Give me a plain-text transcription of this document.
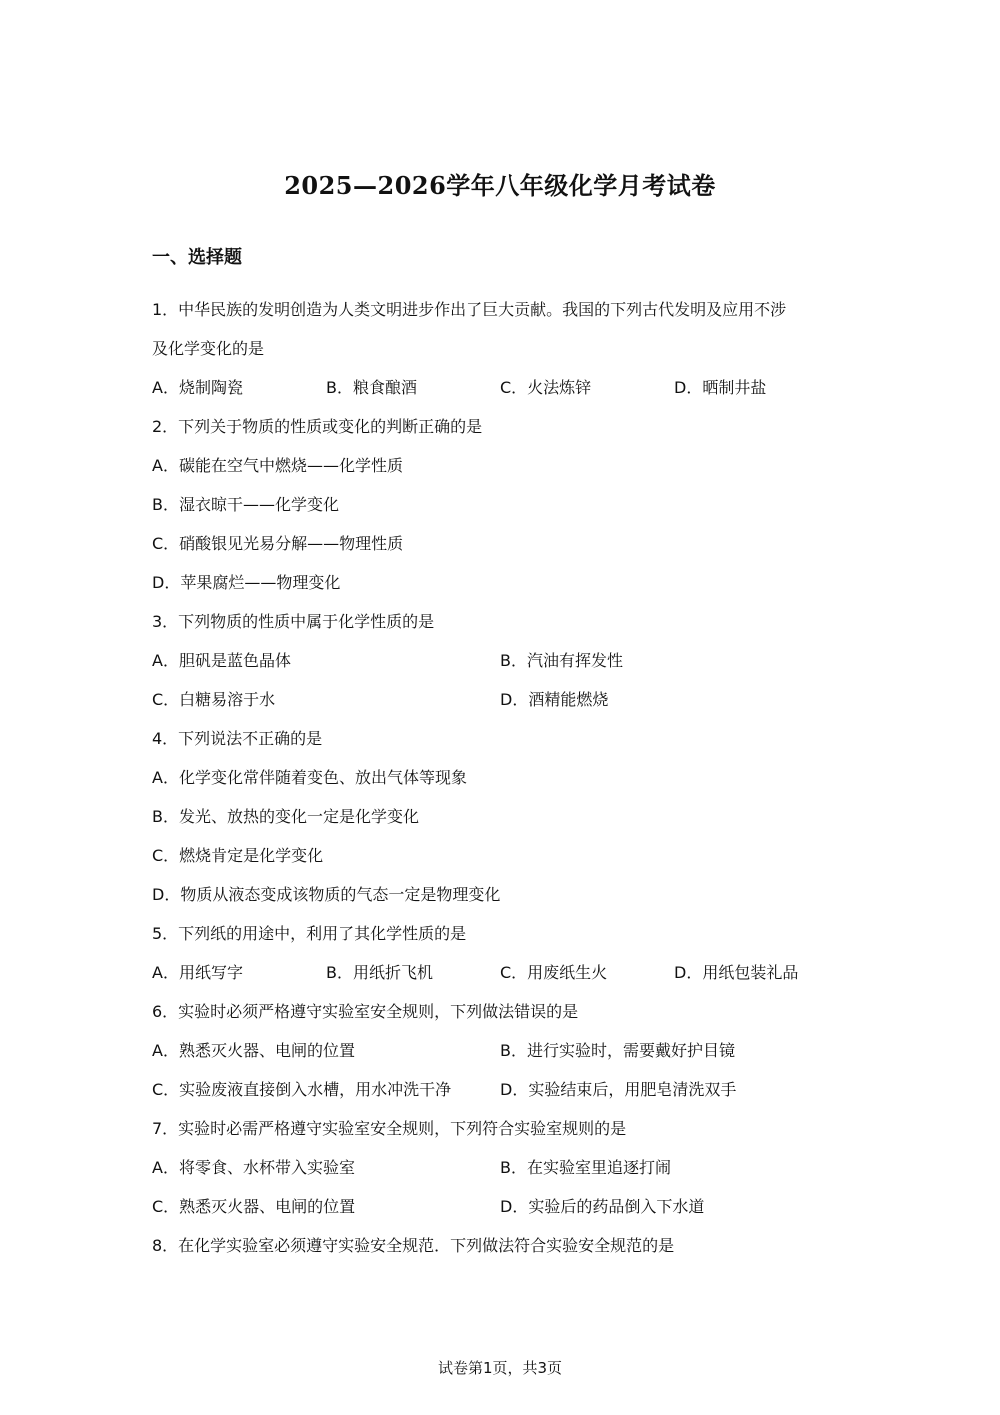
2025—2026学年八年级化学月考试卷
一、选择题
1．中华民族的发明创造为人类文明进步作出了巨大贡献。我国的下列古代发明及应用不涉
及化学变化的是
A．烧制陶瓷	B．粮食酿酒	C．火法炼锌	D．晒制井盐
2．下列关于物质的性质或变化的判断正确的是
A．碳能在空气中燃烧——化学性质
B．湿衣晾干——化学变化
C．硝酸银见光易分解——物理性质
D．苹果腐烂——物理变化
3．下列物质的性质中属于化学性质的是
A．胆矾是蓝色晶体	B．汽油有挥发性
C．白糖易溶于水	D．酒精能燃烧
4．下列说法不正确的是
A．化学变化常伴随着变色、放出气体等现象
B．发光、放热的变化一定是化学变化
C．燃烧肯定是化学变化
D．物质从液态变成该物质的气态一定是物理变化
5．下列纸的用途中，利用了其化学性质的是
A．用纸写字	B．用纸折飞机	C．用废纸生火	D．用纸包装礼品
6．实验时必须严格遵守实验室安全规则，下列做法错误的是
A．熟悉灭火器、电闸的位置	B．进行实验时，需要戴好护目镜
C．实验废液直接倒入水槽，用水冲洗干净	D．实验结束后，用肥皂清洗双手
7．实验时必需严格遵守实验室安全规则，下列符合实验室规则的是
A．将零食、水杯带入实验室	B．在实验室里追逐打闹
C．熟悉灭火器、电闸的位置	D．实验后的药品倒入下水道
8．在化学实验室必须遵守实验安全规范．下列做法符合实验安全规范的是
试卷第1页，共3页
